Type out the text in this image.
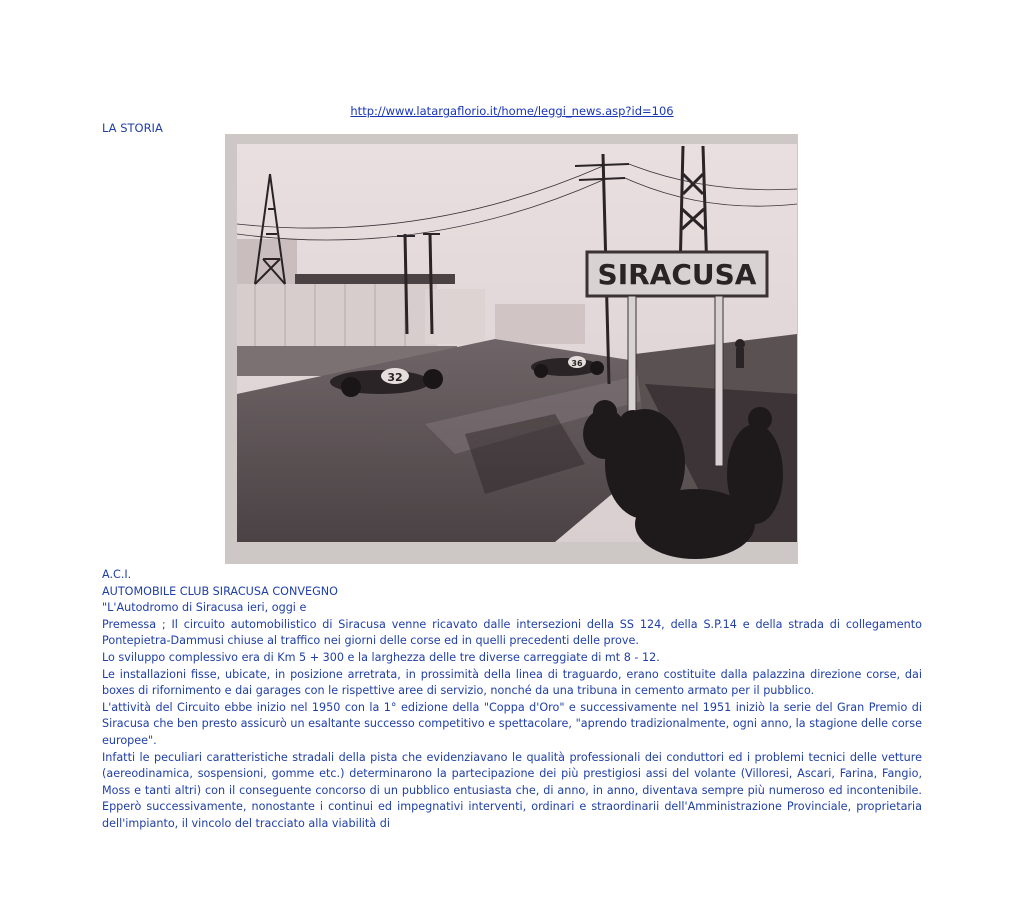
http://www.latargaflorio.it/home/leggi_news.asp?id=106
LA STORIA
SIRACUSA
32
36

A.C.I.

AUTOMOBILE CLUB SIRACUSA CONVEGNO

"L'Autodromo di Siracusa ieri, oggi e

Premessa ; Il circuito automobilistico di Siracusa venne ricavato dalle intersezioni della SS 124, della S.P.14 e della strada di collegamento Pontepietra-Dammusi chiuse al traffico nei giorni delle corse ed in quelli precedenti delle prove.

Lo sviluppo complessivo era di Km 5 + 300 e la larghezza delle tre diverse carreggiate di mt 8 - 12.

Le installazioni fisse, ubicate, in posizione arretrata, in prossimità della linea di traguardo, erano costituite dalla palazzina direzione corse, dai boxes di rifornimento e dai garages con le rispettive aree di servizio, nonché da una tribuna in cemento armato per il pubblico.

L'attività del Circuito ebbe inizio nel 1950 con la 1° edizione della "Coppa d'Oro" e successivamente nel 1951 iniziò la serie del Gran Premio di Siracusa che ben presto assicurò un esaltante successo competitivo e spettacolare, "aprendo tradizionalmente, ogni anno, la stagione delle corse europee".

Infatti le peculiari caratteristiche stradali della pista che evidenziavano le qualità professionali dei conduttori ed i problemi tecnici delle vetture (aereodinamica, sospensioni, gomme etc.) determinarono la partecipazione dei più prestigiosi assi del volante (Villoresi, Ascari, Farina, Fangio, Moss e tanti altri) con il conseguente concorso di un pubblico entusiasta che, di anno, in anno, diventava sempre più numeroso ed incontenibile. Epperò successivamente, nonostante i continui ed impegnativi interventi, ordinari e straordinarii dell'Amministrazione Provinciale, proprietaria dell'impianto, il vincolo del tracciato alla viabilità di
